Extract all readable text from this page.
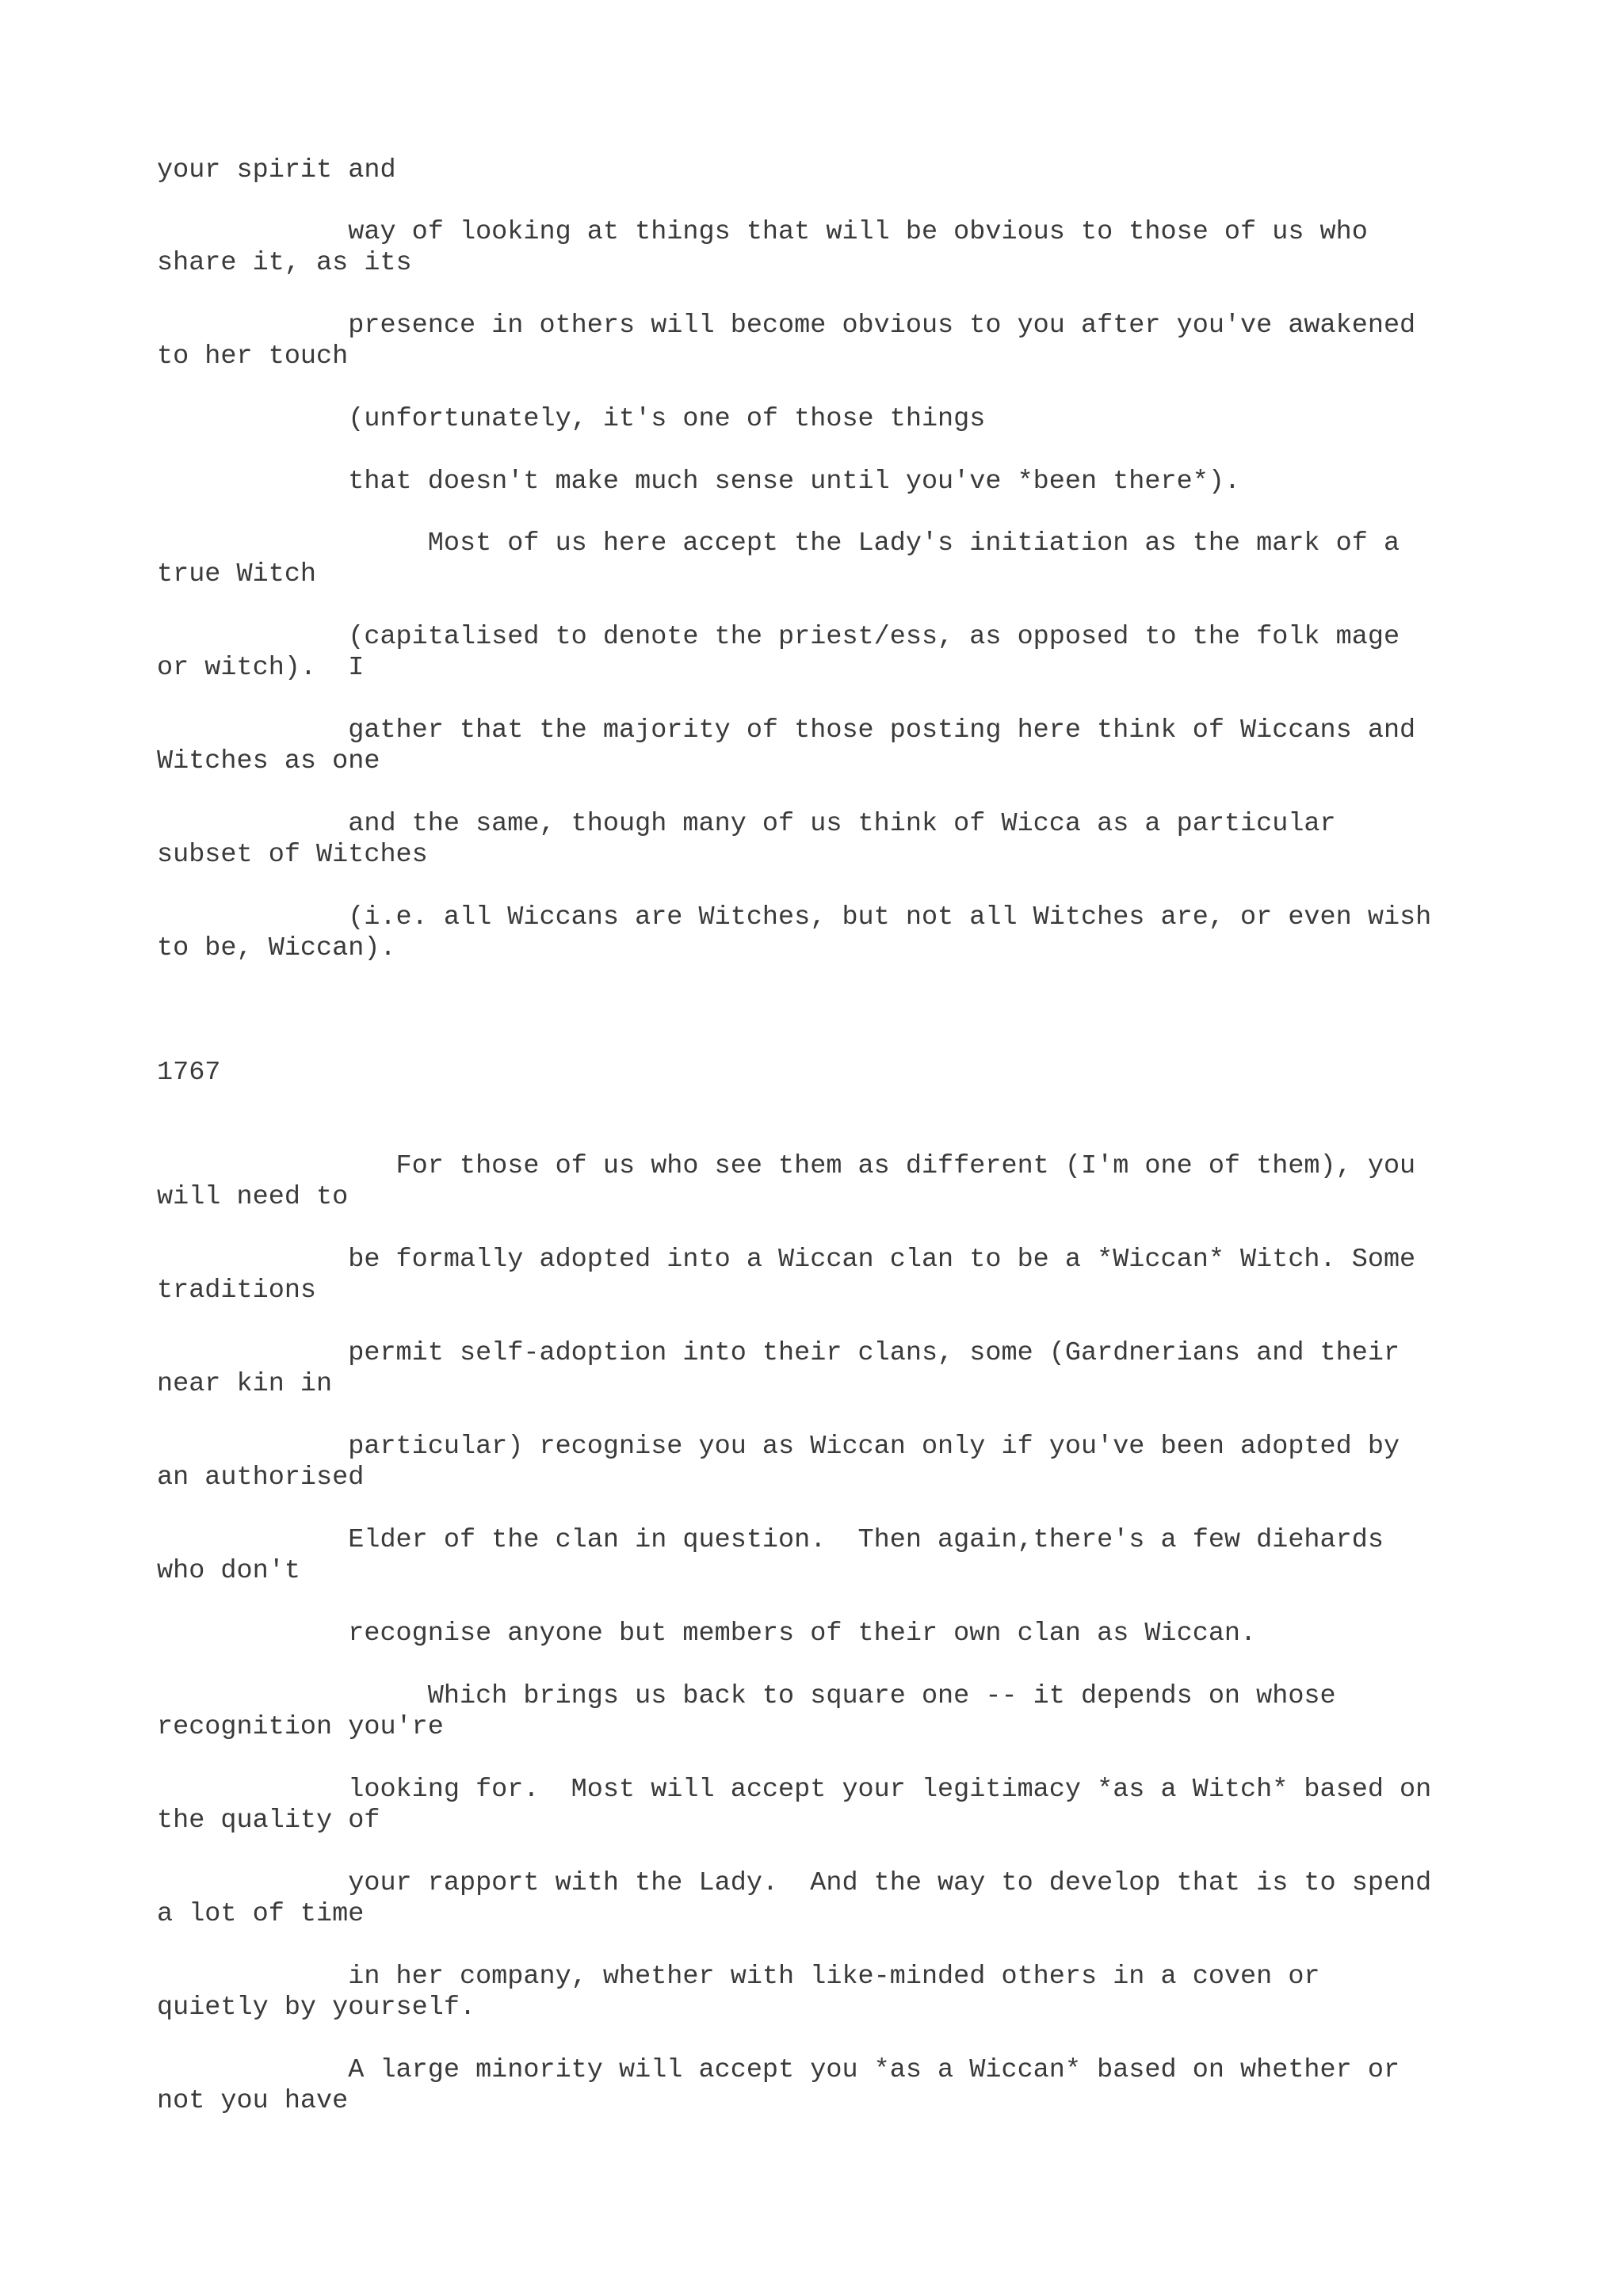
your spirit and
way of looking at things that will be obvious to those of us who
share it, as its
presence in others will become obvious to you after you've awakened
to her touch
(unfortunately, it's one of those things
that doesn't make much sense until you've *been there*).
Most of us here accept the Lady's initiation as the mark of a
true Witch
(capitalised to denote the priest/ess, as opposed to the folk mage
or witch).  I
gather that the majority of those posting here think of Wiccans and
Witches as one
and the same, though many of us think of Wicca as a particular
subset of Witches
(i.e. all Wiccans are Witches, but not all Witches are, or even wish
to be, Wiccan).
1767
For those of us who see them as different (I'm one of them), you
will need to
be formally adopted into a Wiccan clan to be a *Wiccan* Witch. Some
traditions
permit self-adoption into their clans, some (Gardnerians and their
near kin in
particular) recognise you as Wiccan only if you've been adopted by
an authorised
Elder of the clan in question.  Then again,there's a few diehards
who don't
recognise anyone but members of their own clan as Wiccan.
Which brings us back to square one -- it depends on whose
recognition you're
looking for.  Most will accept your legitimacy *as a Witch* based on
the quality of
your rapport with the Lady.  And the way to develop that is to spend
a lot of time
in her company, whether with like-minded others in a coven or
quietly by yourself.
A large minority will accept you *as a Wiccan* based on whether or
not you have
